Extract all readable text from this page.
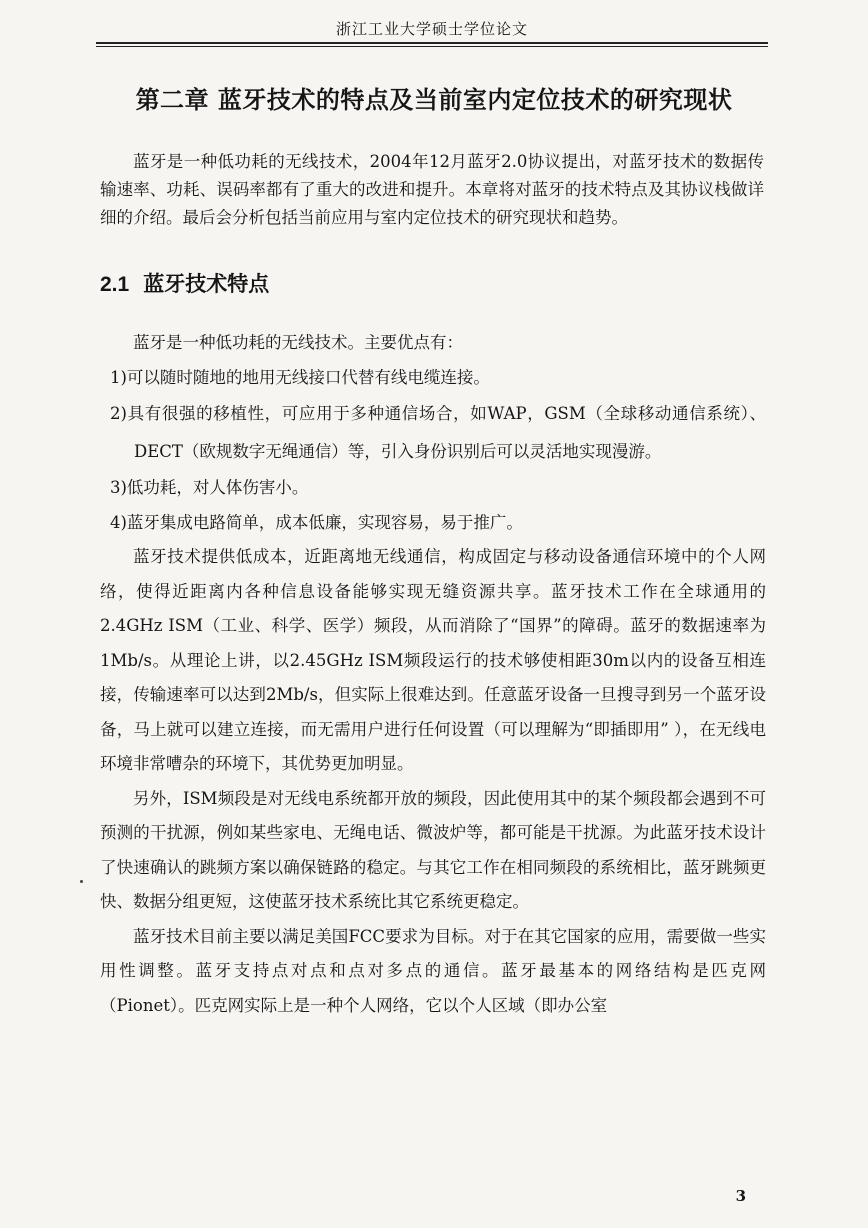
浙江工业大学硕士学位论文
第二章 蓝牙技术的特点及当前室内定位技术的研究现状

蓝牙是一种低功耗的无线技术，2004年12月蓝牙2.0协议提出，对蓝牙技术的数据传输速率、功耗、误码率都有了重大的改进和提升。本章将对蓝牙的技术特点及其协议栈做详细的介绍。最后会分析包括当前应用与室内定位技术的研究现状和趋势。

2.1 蓝牙技术特点

蓝牙是一种低功耗的无线技术。主要优点有：

1)可以随时随地的地用无线接口代替有线电缆连接。

2)具有很强的移植性，可应用于多种通信场合，如WAP，GSM（全球移动通信系统）、DECT（欧规数字无绳通信）等，引入身份识别后可以灵活地实现漫游。

3)低功耗，对人体伤害小。

4)蓝牙集成电路简单，成本低廉，实现容易，易于推广。

蓝牙技术提供低成本，近距离地无线通信，构成固定与移动设备通信环境中的个人网络，使得近距离内各种信息设备能够实现无缝资源共享。蓝牙技术工作在全球通用的2.4GHz ISM（工业、科学、医学）频段，从而消除了“国界”的障碍。蓝牙的数据速率为1Mb/s。从理论上讲，以2.45GHz ISM频段运行的技术够使相距30m以内的设备互相连接，传输速率可以达到2Mb/s，但实际上很难达到。任意蓝牙设备一旦搜寻到另一个蓝牙设备，马上就可以建立连接，而无需用户进行任何设置（可以理解为“即插即用” ），在无线电环境非常嘈杂的环境下，其优势更加明显。

另外，ISM频段是对无线电系统都开放的频段，因此使用其中的某个频段都会遇到不可预测的干扰源，例如某些家电、无绳电话、微波炉等，都可能是干扰源。为此蓝牙技术设计了快速确认的跳频方案以确保链路的稳定。与其它工作在相同频段的系统相比，蓝牙跳频更快、数据分组更短，这使蓝牙技术系统比其它系统更稳定。

蓝牙技术目前主要以满足美国FCC要求为目标。对于在其它国家的应用，需要做一些实用性调整。蓝牙支持点对点和点对多点的通信。蓝牙最基本的网络结构是匹克网（Pionet）。匹克网实际上是一种个人网络，它以个人区域（即办公室

3
